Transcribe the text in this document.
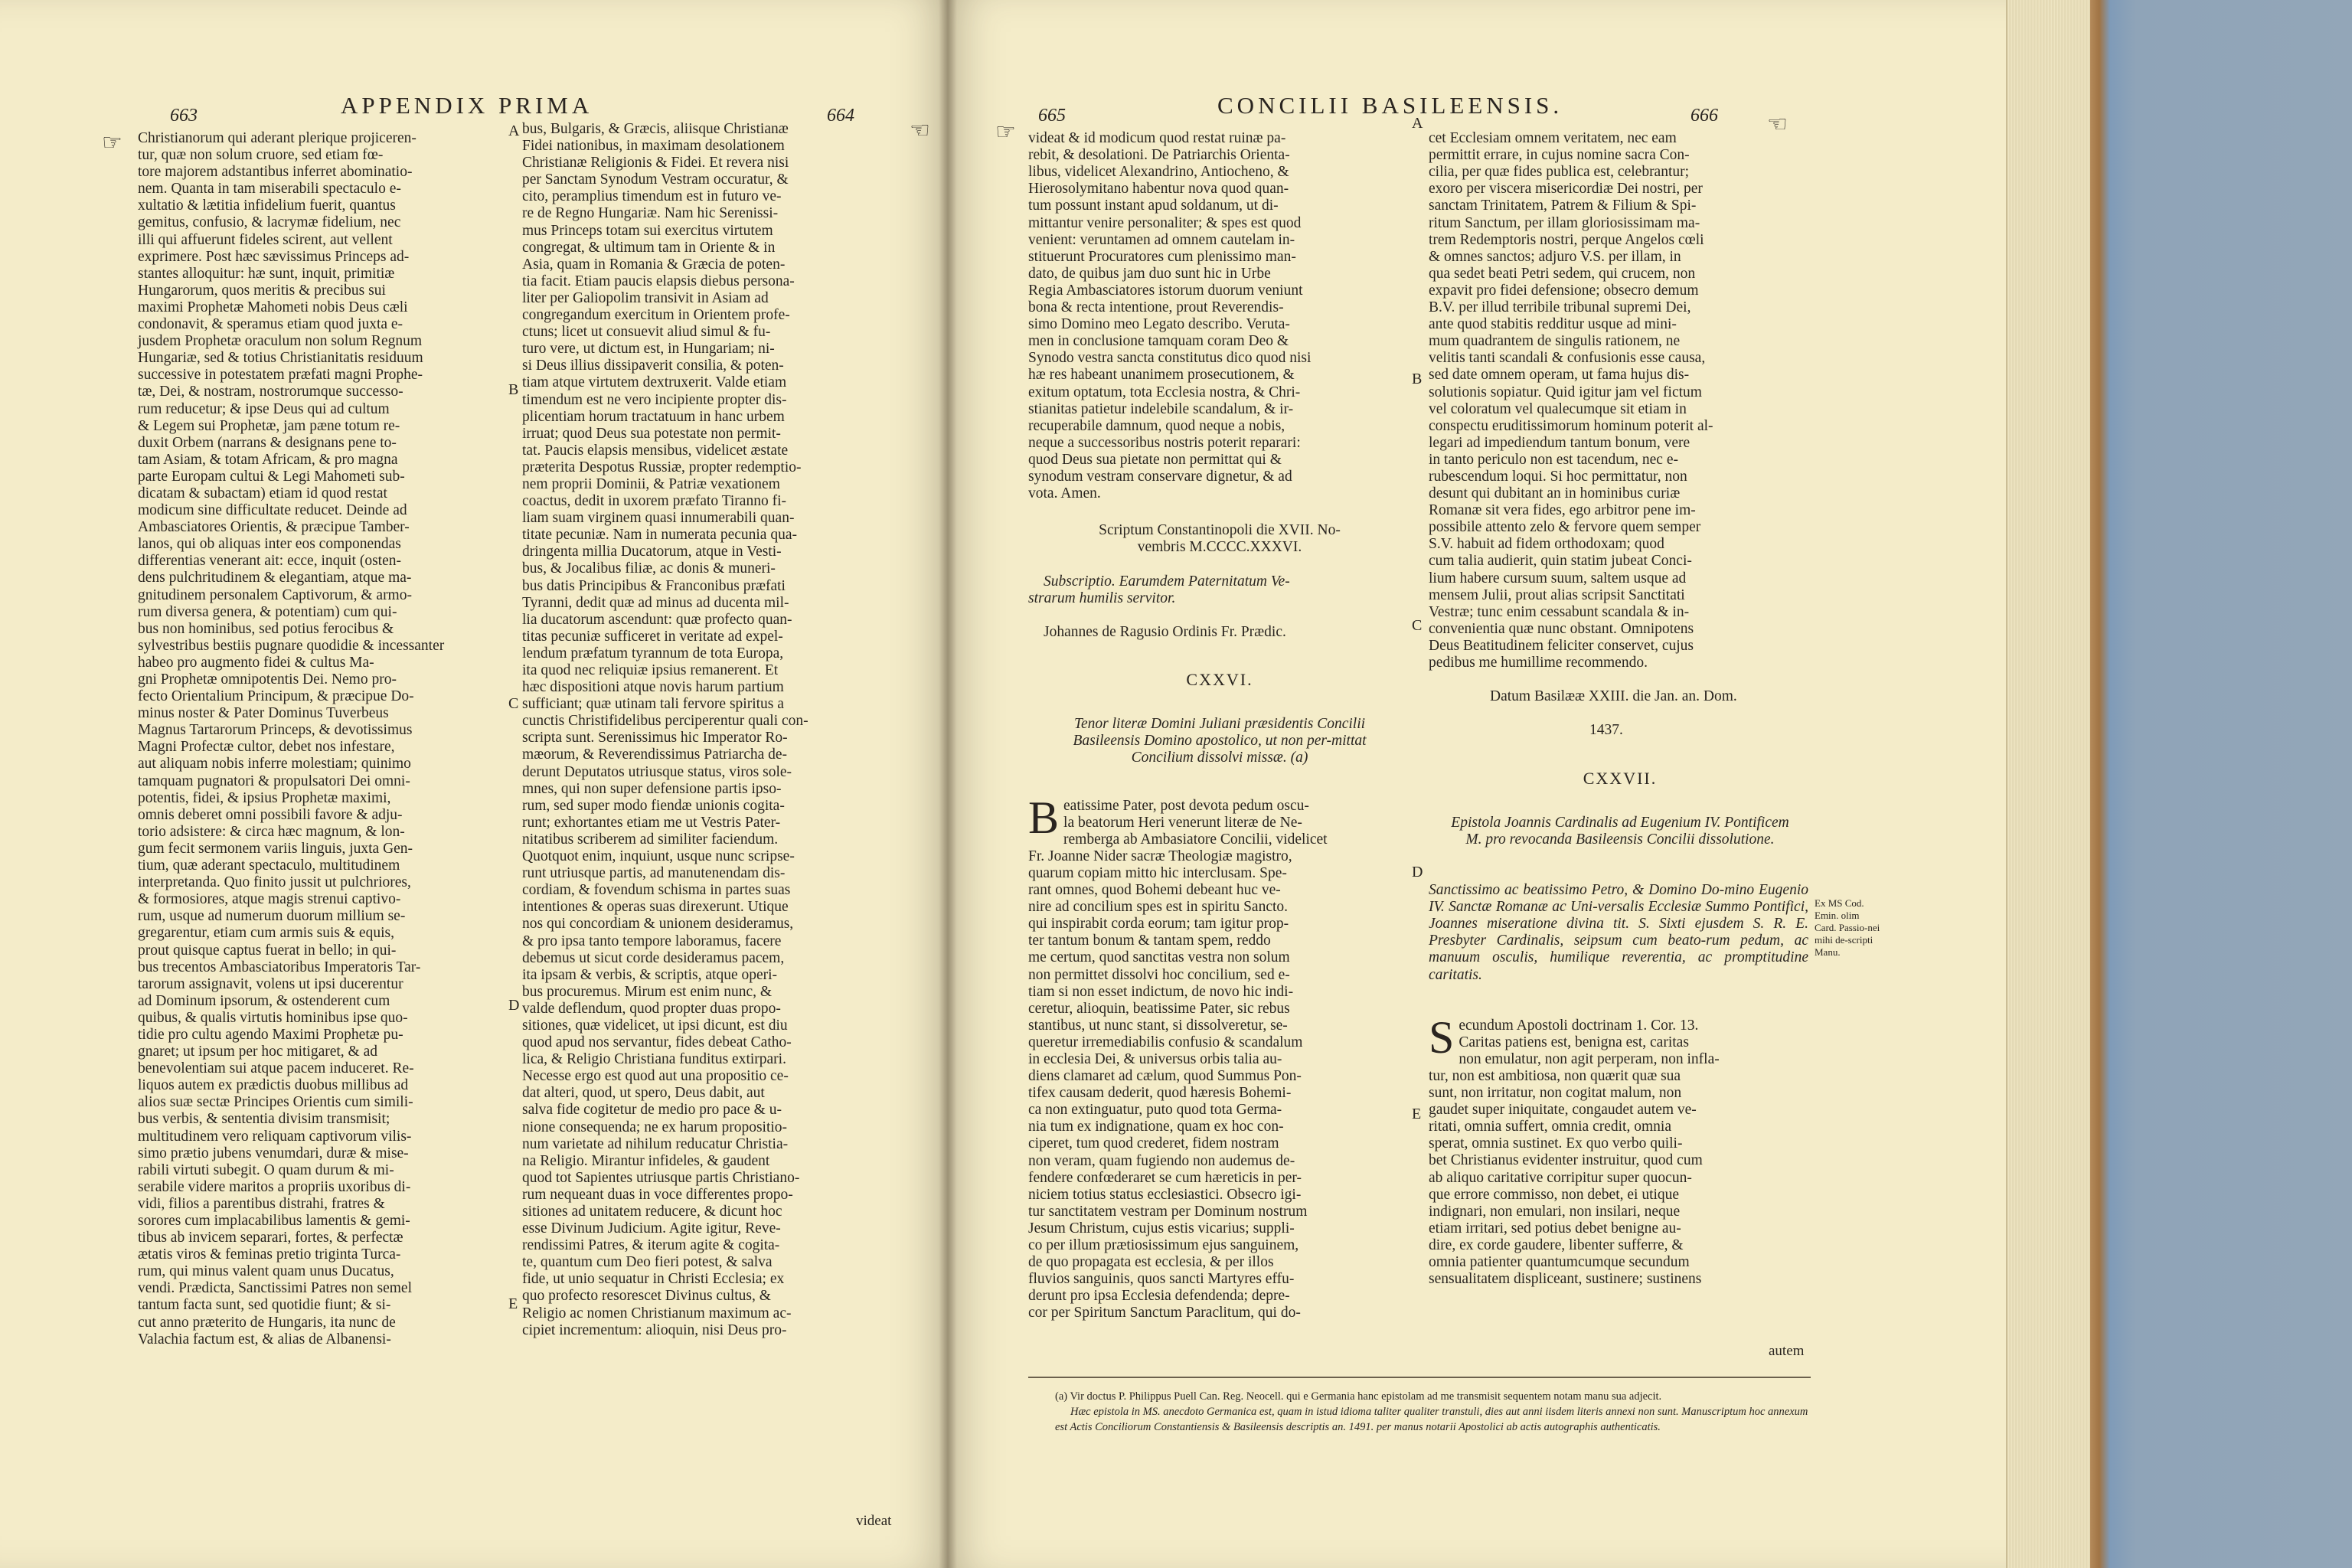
663	APPENDIX PRIMA	664
☞	☞
Christianorum qui aderant plerique projiceren-
tur, quæ non solum cruore, sed etiam fœ-
tore majorem adstantibus inferret abominatio-
nem. Quanta in tam miserabili spectaculo e-
xultatio & lætitia infidelium fuerit, quantus
gemitus, confusio, & lacrymæ fidelium, nec
illi qui affuerunt fideles scirent, aut vellent
exprimere. Post hæc sævissimus Princeps ad-
stantes alloquitur: hæ sunt, inquit, primitiæ
Hungarorum, quos meritis & precibus sui
maximi Prophetæ Mahometi nobis Deus cæli
condonavit, & speramus etiam quod juxta e-
jusdem Prophetæ oraculum non solum Regnum
Hungariæ, sed & totius Christianitatis residuum
successive in potestatem præfati magni Prophe-
tæ, Dei, & nostram, nostrorumque successo-
rum reducetur; & ipse Deus qui ad cultum
& Legem sui Prophetæ, jam pæne totum re-
duxit Orbem (narrans & designans pene to-
tam Asiam, & totam Africam, & pro magna
parte Europam cultui & Legi Mahometi sub-
dicatam & subactam) etiam id quod restat
modicum sine difficultate reducet. Deinde ad
Ambasciatores Orientis, & præcipue Tamber-
lanos, qui ob aliquas inter eos componendas
differentias venerant ait: ecce, inquit (osten-
dens pulchritudinem & elegantiam, atque ma-
gnitudinem personalem Captivorum, & armo-
rum diversa genera, & potentiam) cum qui-
bus non hominibus, sed potius ferocibus &
sylvestribus bestiis pugnare quodidie & incessanter
habeo pro augmento fidei & cultus Ma-
gni Prophetæ omnipotentis Dei. Nemo pro-
fecto Orientalium Principum, & præcipue Do-
minus noster & Pater Dominus Tuverbeus
Magnus Tartarorum Princeps, & devotissimus
Magni Profectæ cultor, debet nos infestare,
aut aliquam nobis inferre molestiam; quinimo
tamquam pugnatori & propulsatori Dei omni-
potentis, fidei, & ipsius Prophetæ maximi,
omnis deberet omni possibili favore & adju-
torio adsistere: & circa hæc magnum, & lon-
gum fecit sermonem variis linguis, juxta Gen-
tium, quæ aderant spectaculo, multitudinem
interpretanda. Quo finito jussit ut pulchriores,
& formosiores, atque magis strenui captivo-
rum, usque ad numerum duorum millium se-
gregarentur, etiam cum armis suis & equis,
prout quisque captus fuerat in bello; in qui-
bus trecentos Ambasciatoribus Imperatoris Tar-
tarorum assignavit, volens ut ipsi ducerentur
ad Dominum ipsorum, & ostenderent cum
quibus, & qualis virtutis hominibus ipse quo-
tidie pro cultu agendo Maximi Prophetæ pu-
gnaret; ut ipsum per hoc mitigaret, & ad
benevolentiam sui atque pacem induceret. Re-
liquos autem ex prædictis duobus millibus ad
alios suæ sectæ Principes Orientis cum simili-
bus verbis, & sententia divisim transmisit;
multitudinem vero reliquam captivorum vilis-
simo prætio jubens venumdari, duræ & mise-
rabili virtuti subegit. O quam durum & mi-
serabile videre maritos a propriis uxoribus di-
vidi, filios a parentibus distrahi, fratres &
sorores cum implacabilibus lamentis & gemi-
tibus ab invicem separari, fortes, & perfectæ
ætatis viros & feminas pretio triginta Turca-
rum, qui minus valent quam unus Ducatus,
vendi. Prædicta, Sanctissimi Patres non semel
tantum facta sunt, sed quotidie fiunt; & si-
cut anno præterito de Hungaris, ita nunc de
Valachia factum est, & alias de Albanensi-
bus, Bulgaris, & Græcis, aliisque Christianæ
Fidei nationibus, in maximam desolationem
Christianæ Religionis & Fidei. Et revera nisi
per Sanctam Synodum Vestram occuratur, &
cito, peramplius timendum est in futuro ve-
re de Regno Hungariæ. Nam hic Serenissi-
mus Princeps totam sui exercitus virtutem
congregat, & ultimum tam in Oriente & in
Asia, quam in Romania & Græcia de poten-
tia facit. Etiam paucis elapsis diebus persona-
liter per Galiopolim transivit in Asiam ad
congregandum exercitum in Orientem profe-
ctuns; licet ut consuevit aliud simul & fu-
turo vere, ut dictum est, in Hungariam; ni-
si Deus illius dissipaverit consilia, & poten-
tiam atque virtutem dextruxerit. Valde etiam
timendum est ne vero incipiente propter dis-
plicentiam horum tractatuum in hanc urbem
irruat; quod Deus sua potestate non permit-
tat. Paucis elapsis mensibus, videlicet æstate
præterita Despotus Russiæ, propter redemptio-
nem proprii Dominii, & Patriæ vexationem
coactus, dedit in uxorem præfato Tiranno fi-
liam suam virginem quasi innumerabili quan-
titate pecuniæ. Nam in numerata pecunia qua-
dringenta millia Ducatorum, atque in Vesti-
bus, & Jocalibus filiæ, ac donis & muneri-
bus datis Principibus & Franconibus præfati
Tyranni, dedit quæ ad minus ad ducenta mil-
lia ducatorum ascendunt: quæ profecto quan-
titas pecuniæ sufficeret in veritate ad expel-
lendum præfatum tyrannum de tota Europa,
ita quod nec reliquiæ ipsius remanerent. Et
hæc dispositioni atque novis harum partium
sufficiant; quæ utinam tali fervore spiritus a
cunctis Christifidelibus perciperentur quali con-
scripta sunt. Serenissimus hic Imperator Ro-
mæorum, & Reverendissimus Patriarcha de-
derunt Deputatos utriusque status, viros sole-
mnes, qui non super defensione partis ipso-
rum, sed super modo fiendæ unionis cogita-
runt; exhortantes etiam me ut Vestris Pater-
nitatibus scriberem ad similiter faciendum.
Quotquot enim, inquiunt, usque nunc scripse-
runt utriusque partis, ad manutenendam dis-
cordiam, & fovendum schisma in partes suas
intentiones & operas suas direxerunt. Utique
nos qui concordiam & unionem desideramus,
& pro ipsa tanto tempore laboramus, facere
debemus ut sicut corde desideramus pacem,
ita ipsam & verbis, & scriptis, atque operi-
bus procuremus. Mirum est enim nunc, &
valde deflendum, quod propter duas propo-
sitiones, quæ videlicet, ut ipsi dicunt, est diu
quod apud nos servantur, fides debeat Catho-
lica, & Religio Christiana funditus extirpari.
Necesse ergo est quod aut una propositio ce-
dat alteri, quod, ut spero, Deus dabit, aut
salva fide cogitetur de medio pro pace & u-
nione consequenda; ne ex harum propositio-
num varietate ad nihilum reducatur Christia-
na Religio. Mirantur infideles, & gaudent
quod tot Sapientes utriusque partis Christiano-
rum nequeant duas in voce differentes propo-
sitiones ad unitatem reducere, & dicunt hoc
esse Divinum Judicium. Agite igitur, Reve-
rendissimi Patres, & iterum agite & cogita-
te, quantum cum Deo fieri potest, & salva
fide, ut unio sequatur in Christi Ecclesia; ex
quo profecto resorescet Divinus cultus, &
Religio ac nomen Christianum maximum ac-
cipiet incrementum: alioquin, nisi Deus pro-
A
B
C
D
E
videat
665	CONCILII BASILEENSIS.	666
☞	☞

videat & id modicum quod restat ruinæ pa-
rebit, & desolationi. De Patriarchis Orienta-
libus, videlicet Alexandrino, Antiocheno, &
Hierosolymitano habentur nova quod quan-
tum possunt instant apud soldanum, ut di-
mittantur venire personaliter; & spes est quod
venient: veruntamen ad omnem cautelam in-
stituerunt Procuratores cum plenissimo man-
dato, de quibus jam duo sunt hic in Urbe
Regia Ambasciatores istorum duorum veniunt
bona & recta intentione, prout Reverendis-
simo Domino meo Legato describo. Veruta-
men in conclusione tamquam coram Deo &
Synodo vestra sancta constitutus dico quod nisi
hæ res habeant unanimem prosecutionem, &
exitum optatum, tota Ecclesia nostra, & Chri-
stianitas patietur indelebile scandalum, & ir-
recuperabile damnum, quod neque a nobis,
neque a successoribus nostris poterit reparari:
quod Deus sua pietate non permittat qui &
synodum vestram conservare dignetur, & ad
vota. Amen.

Scriptum Constantinopoli die XVII. No-
vembris M.CCCC.XXXVI.

Subscriptio. Earumdem Paternitatum Ve-
strarum humilis servitor.

Johannes de Ragusio Ordinis Fr. Prædic.

CXXVI.

Tenor literæ Domini Juliani præsidentis Concilii Basileensis Domino apostolico, ut non per-mittat Concilium dissolvi missæ. (a)

Beatissime Pater, post devota pedum oscu-
la beatorum Heri venerunt literæ de Ne-
remberga ab Ambasiatore Concilii, videlicet
Fr. Joanne Nider sacræ Theologiæ magistro,
quarum copiam mitto hic interclusam. Spe-
rant omnes, quod Bohemi debeant huc ve-
nire ad concilium spes est in spiritu Sancto.
qui inspirabit corda eorum; tam igitur prop-
ter tantum bonum & tantam spem, reddo
me certum, quod sanctitas vestra non solum
non permittet dissolvi hoc concilium, sed e-
tiam si non esset indictum, de novo hic indi-
ceretur, alioquin, beatissime Pater, sic rebus
stantibus, ut nunc stant, si dissolveretur, se-
queretur irremediabilis confusio & scandalum
in ecclesia Dei, & universus orbis talia au-
diens clamaret ad cælum, quod Summus Pon-
tifex causam dederit, quod hæresis Bohemi-
ca non extinguatur, puto quod tota Germa-
nia tum ex indignatione, quam ex hoc con-
ciperet, tum quod crederet, fidem nostram
non veram, quam fugiendo non audemus de-
fendere confœderaret se cum hæreticis in per-
niciem totius status ecclesiastici. Obsecro igi-
tur sanctitatem vestram per Dominum nostrum
Jesum Christum, cujus estis vicarius; suppli-
co per illum prætiosissimum ejus sanguinem,
de quo propagata est ecclesia, & per illos
fluvios sanguinis, quos sancti Martyres effu-
derunt pro ipsa Ecclesia defendenda; depre-
cor per Spiritum Sanctum Paraclitum, qui do-

cet Ecclesiam omnem veritatem, nec eam
permittit errare, in cujus nomine sacra Con-
cilia, per quæ fides publica est, celebrantur;
exoro per viscera misericordiæ Dei nostri, per
sanctam Trinitatem, Patrem & Filium & Spi-
ritum Sanctum, per illam gloriosissimam ma-
trem Redemptoris nostri, perque Angelos cœli
& omnes sanctos; adjuro V.S. per illam, in
qua sedet beati Petri sedem, qui crucem, non
expavit pro fidei defensione; obsecro demum
B.V. per illud terribile tribunal supremi Dei,
ante quod stabitis redditur usque ad mini-
mum quadrantem de singulis rationem, ne
velitis tanti scandali & confusionis esse causa,
sed date omnem operam, ut fama hujus dis-
solutionis sopiatur. Quid igitur jam vel fictum
vel coloratum vel qualecumque sit etiam in
conspectu eruditissimorum hominum poterit al-
legari ad impediendum tantum bonum, vere
in tanto periculo non est tacendum, nec e-
rubescendum loqui. Si hoc permittatur, non
desunt qui dubitant an in hominibus curiæ
Romanæ sit vera fides, ego arbitror pene im-
possibile attento zelo & fervore quem semper
S.V. habuit ad fidem orthodoxam; quod
cum talia audierit, quin statim jubeat Conci-
lium habere cursum suum, saltem usque ad
mensem Julii, prout alias scripsit Sanctitati
Vestræ; tunc enim cessabunt scandala & in-
convenientia quæ nunc obstant. Omnipotens
Deus Beatitudinem feliciter conservet, cujus
pedibus me humillime recommendo.

Datum Basilææ XXIII. die Jan. an. Dom.

1437.

CXXVII.

Epistola Joannis Cardinalis ad Eugenium IV. Pontificem M. pro revocanda Basileensis Concilii dissolutione.

Sanctissimo ac beatissimo Petro, & Domino Do-mino Eugenio IV. Sanctæ Romanæ ac Uni-versalis Ecclesiæ Summo Pontifici, Joannes miseratione divina tit. S. Sixti ejusdem S. R. E. Presbyter Cardinalis, seipsum cum beato-rum pedum, ac manuum osculis, humilique reverentia, ac promptitudine caritatis.

Secundum Apostoli doctrinam 1. Cor. 13.
Caritas patiens est, benigna est, caritas
non emulatur, non agit perperam, non infla-
tur, non est ambitiosa, non quærit quæ sua
sunt, non irritatur, non cogitat malum, non
gaudet super iniquitate, congaudet autem ve-
ritati, omnia suffert, omnia credit, omnia
sperat, omnia sustinet. Ex quo verbo quili-
bet Christianus evidenter instruitur, quod cum
ab aliquo caritative corripitur super quocun-
que errore commisso, non debet, ei utique
indignari, non emulari, non insilari, neque
etiam irritari, sed potius debet benigne au-
dire, ex corde gaudere, libenter sufferre, &
omnia patienter quantumcumque secundum
sensualitatem displiceant, sustinere; sustinens

Ex MS Cod. Emin. olim Card. Passio-nei mihi de-scripti Manu.
A
B
C
D
E
autem

(a) Vir doctus P. Philippus Puell Can. Reg. Neocell. qui e Germania hanc epistolam ad me transmisit sequentem notam manu sua adjecit.

Hæc epistola in MS. anecdoto Germanica est, quam in istud idioma taliter qualiter transtuli, dies aut anni iisdem literis annexi non sunt. Manuscriptum hoc annexum est Actis Conciliorum Constantiensis & Basileensis descriptis an. 1491. per manus notarii Apostolici ab actis autographis authenticatis.
